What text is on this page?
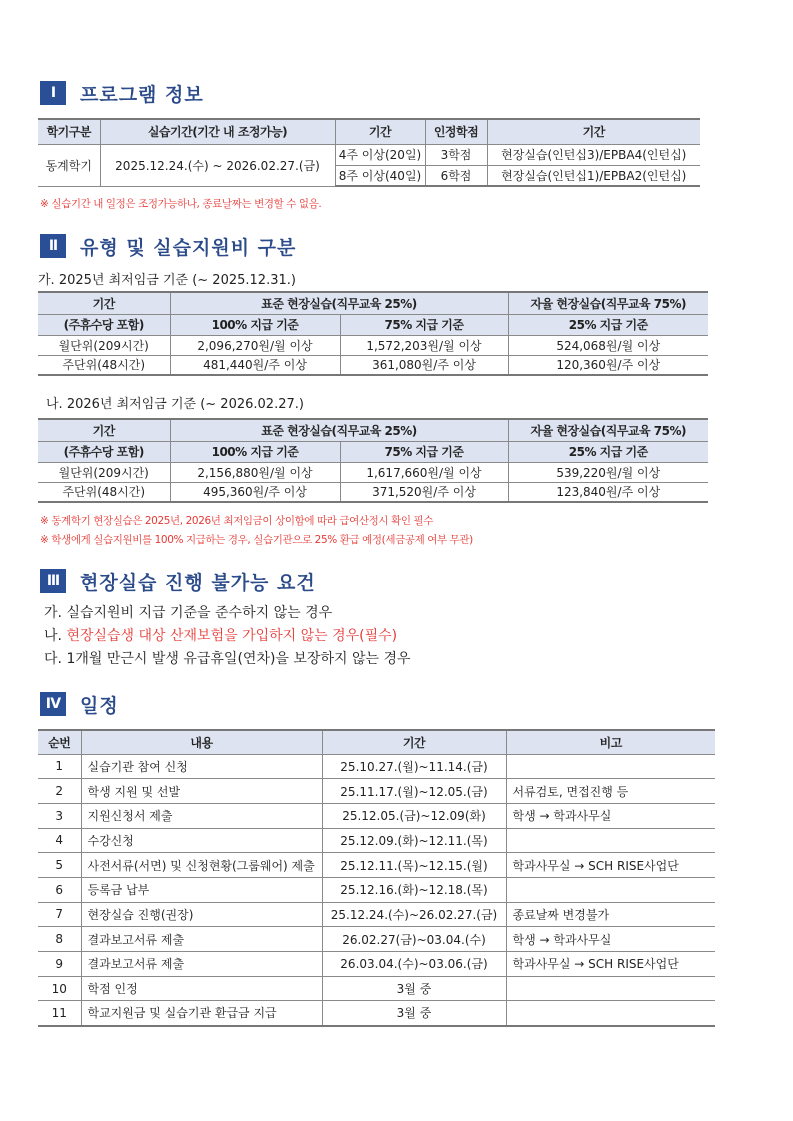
Ⅰ	프로그램 정보
학기구분	실습기간(기간 내 조정가능)	기간	인정학점	기간
동계학기	2025.12.24.(수) ~ 2026.02.27.(금)	4주 이상(20일)	3학점	현장실습(인턴십3)/EPBA4(인턴십)
		8주 이상(40일)	6학점	현장실습(인턴십1)/EPBA2(인턴십)
※ 실습기간 내 일정은 조정가능하나, 종료날짜는 변경할 수 없음.
Ⅱ	유형 및 실습지원비 구분
가. 2025년 최저임금 기준 (~ 2025.12.31.)
기간	표준 현장실습(직무교육 25%)		자율 현장실습(직무교육 75%)
(주휴수당 포함)	100% 지급 기준	75% 지급 기준	25% 지급 기준
월단위(209시간)	2,096,270원/월 이상	1,572,203원/월 이상	524,068원/월 이상
주단위(48시간)	481,440원/주 이상	361,080원/주 이상	120,360원/주 이상
나. 2026년 최저임금 기준 (~ 2026.02.27.)
기간	표준 현장실습(직무교육 25%)		자율 현장실습(직무교육 75%)
(주휴수당 포함)	100% 지급 기준	75% 지급 기준	25% 지급 기준
월단위(209시간)	2,156,880원/월 이상	1,617,660원/월 이상	539,220원/월 이상
주단위(48시간)	495,360원/주 이상	371,520원/주 이상	123,840원/주 이상
※ 동계학기 현장실습은 2025년, 2026년 최저임금이 상이함에 따라 급여산정시 확인 필수
※ 학생에게 실습지원비를 100% 지급하는 경우, 실습기관으로 25% 환급 예정(세금공제 여부 무관)
Ⅲ	현장실습 진행 불가능 요건
가. 실습지원비 지급 기준을 준수하지 않는 경우
나. 현장실습생 대상 산재보험을 가입하지 않는 경우(필수)
다. 1개월 만근시 발생 유급휴일(연차)을 보장하지 않는 경우
Ⅳ	일정
순번	내용	기간	비고
1	실습기관 참여 신청	25.10.27.(월)~11.14.(금)	
2	학생 지원 및 선발	25.11.17.(월)~12.05.(금)	서류검토, 면접진행 등
3	지원신청서 제출	25.12.05.(금)~12.09(화)	학생 → 학과사무실
4	수강신청	25.12.09.(화)~12.11.(목)	
5	사전서류(서면) 및 신청현황(그룹웨어) 제출	25.12.11.(목)~12.15.(월)	학과사무실 → SCH RISE사업단
6	등록금 납부	25.12.16.(화)~12.18.(목)	
7	현장실습 진행(권장)	25.12.24.(수)~26.02.27.(금)	종료날짜 변경불가
8	결과보고서류 제출	26.02.27(금)~03.04.(수)	학생 → 학과사무실
9	결과보고서류 제출	26.03.04.(수)~03.06.(금)	학과사무실 → SCH RISE사업단
10	학점 인정	3월 중	
11	학교지원금 및 실습기관 환급금 지급	3월 중	
